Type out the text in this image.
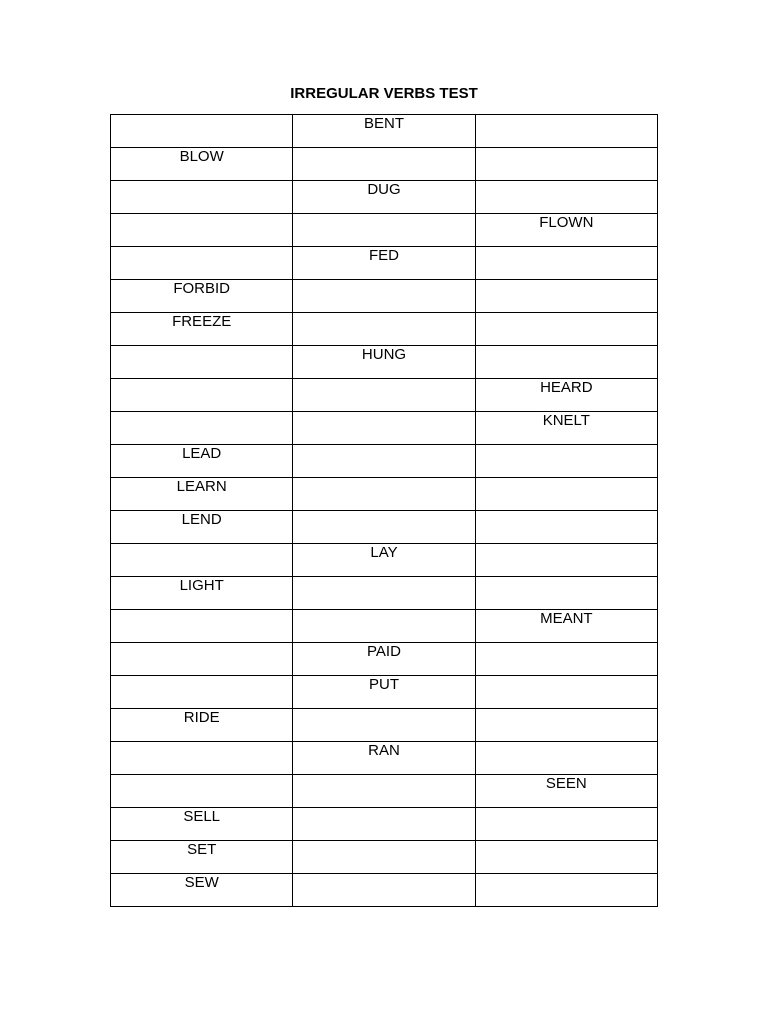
IRREGULAR VERBS TEST

	BENT	

BLOW		

	DUG	

		FLOWN

	FED	

FORBID		

FREEZE		

	HUNG	

		HEARD

		KNELT

LEAD		

LEARN		

LEND		

	LAY	

LIGHT		

		MEANT

	PAID	

	PUT	

RIDE		

	RAN	

		SEEN

SELL		

SET		

SEW		
